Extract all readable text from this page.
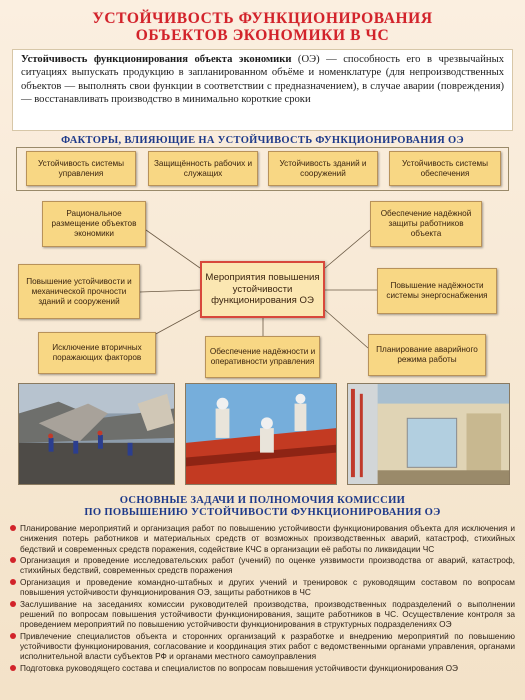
УСТОЙЧИВОСТЬ ФУНКЦИОНИРОВАНИЯ
ОБЪЕКТОВ ЭКОНОМИКИ В ЧС
Устойчивость функционирования объекта экономики (ОЭ) — способность его в чрезвычайных ситуациях выпускать продукцию в запланированном объёме и номенклатуре (для непроизводственных объектов — выполнять свои функции в соответствии с предназначением), в случае аварии (повреждения) — восстанавливать производство в минимально короткие сроки
ФАКТОРЫ, ВЛИЯЮЩИЕ НА УСТОЙЧИВОСТЬ ФУНКЦИОНИРОВАНИЯ ОЭ
Устойчивость системы управления
Защищённость рабочих и служащих
Устойчивость зданий и сооружений
Устойчивость системы обеспечения
Мероприятия повышения устойчивости функционирования ОЭ
Рациональное размещение объектов экономики
Обеспечение надёжной защиты работников объекта
Повышение устойчивости и механической прочности зданий и сооружений
Повышение надёжности системы энергоснабжения
Исключение вторичных поражающих факторов
Обеспечение надёжности и оперативности управления
Планирование аварийного режима работы
ОСНОВНЫЕ ЗАДАЧИ И ПОЛНОМОЧИЯ КОМИССИИ
ПО ПОВЫШЕНИЮ УСТОЙЧИВОСТИ ФУНКЦИОНИРОВАНИЯ ОЭ
Планирование мероприятий и организация работ по повышению устойчивости функционирования объекта для исключения и снижения потерь работников и материальных средств от возможных производственных аварий, катастроф, стихийных бедствий и современных средств поражения, содействие КЧС в организации её работы по ликвидации ЧС
Организация и проведение исследовательских работ (учений) по оценке уязвимости производства от аварий, катастроф, стихийных бедствий, современных средств поражения
Организация и проведение командно-штабных и других учений и тренировок с руководящим составом по вопросам повышения устойчивости функционирования ОЭ, защиты работников в ЧС
Заслушивание на заседаниях комиссии руководителей производства, производственных подразделений о выполнении решений по вопросам повышения устойчивости функционирования, защите работников в ЧС. Осуществление контроля за проведением мероприятий по повышению устойчивости функционирования в структурных подразделениях ОЭ
Привлечение специалистов объекта и сторонних организаций к разработке и внедрению мероприятий по повышению устойчивости функционирования, согласование и координация этих работ с ведомственными органами управления, органами исполнительной власти субъектов РФ и органами местного самоуправления
Подготовка руководящего состава и специалистов по вопросам повышения устойчивости функционирования ОЭ
